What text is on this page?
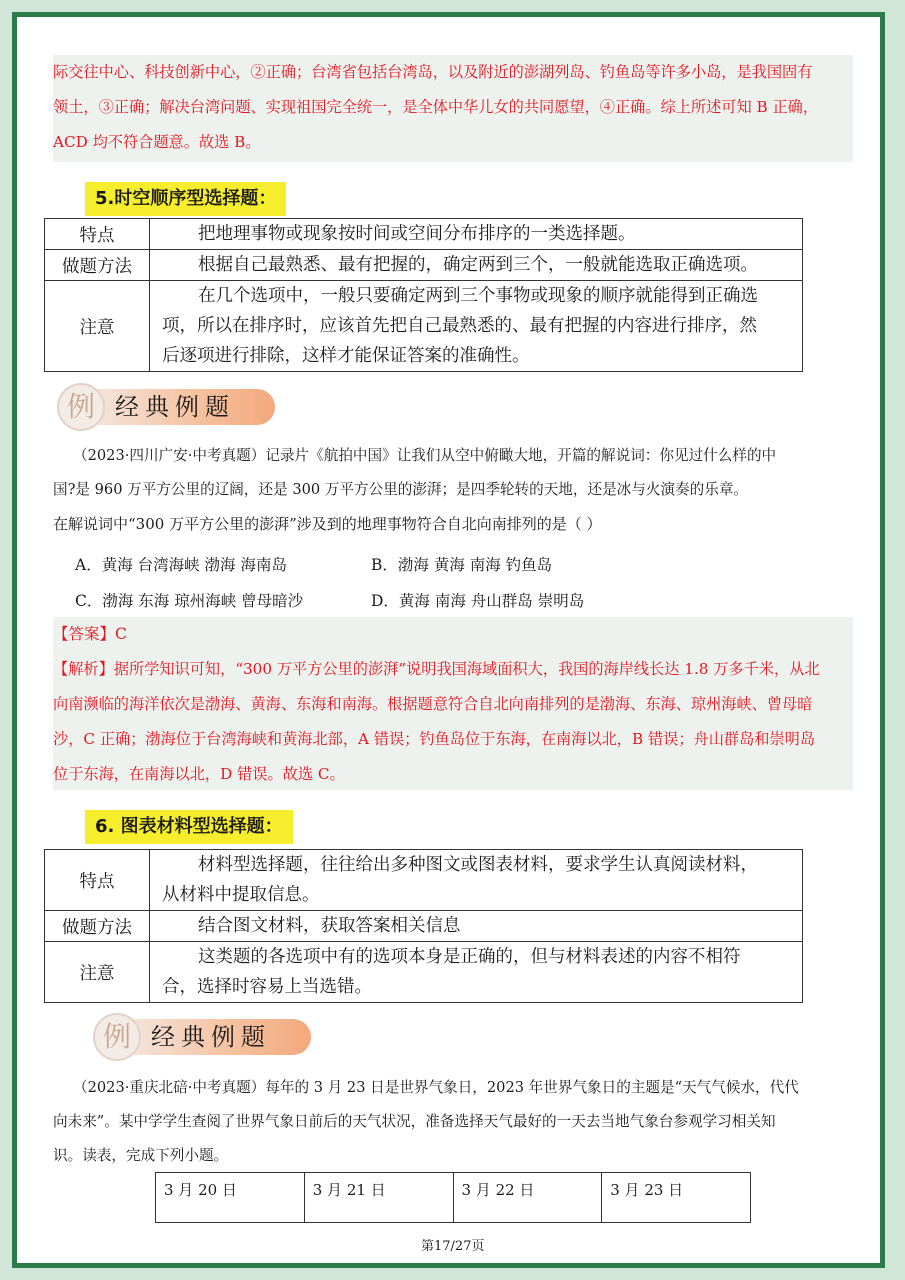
际交往中心、科技创新中心，②正确；台湾省包括台湾岛，以及附近的澎湖列岛、钓鱼岛等许多小岛，是我国固有

领土，③正确；解决台湾问题、实现祖国完全统一，是全体中华儿女的共同愿望，④正确。综上所述可知 B 正确，

ACD 均不符合题意。故选 B。

5.时空顺序型选择题：
特点	把地理事物或现象按时间或空间分布排序的一类选择题。
做题方法	根据自己最熟悉、最有把握的，确定两到三个，一般就能选取正确选项。
注意	在几个选项中，一般只要确定两到三个事物或现象的顺序就能得到正确选
项，所以在排序时，应该首先把自己最熟悉的、最有把握的内容进行排序，然
后逐项进行排除，这样才能保证答案的准确性。
例 经典例题
（2023·四川广安·中考真题）记录片《航拍中国》让我们从空中俯瞰大地，开篇的解说词：你见过什么样的中
国?是 960 万平方公里的辽阔，还是 300 万平方公里的澎湃；是四季轮转的天地，还是冰与火演奏的乐章。
在解说词中“300 万平方公里的澎湃”涉及到的地理事物符合自北向南排列的是（ ）
A．黄海 台湾海峡 渤海 海南岛	B．渤海 黄海 南海 钓鱼岛
C．渤海 东海 琼州海峡 曾母暗沙	D．黄海 南海 舟山群岛 崇明岛

【答案】C

【解析】据所学知识可知，“300 万平方公里的澎湃”说明我国海域面积大，我国的海岸线长达 1.8 万多千米，从北

向南濒临的海洋依次是渤海、黄海、东海和南海。根据题意符合自北向南排列的是渤海、东海、琼州海峡、曾母暗

沙，C 正确；渤海位于台湾海峡和黄海北部，A 错误；钓鱼岛位于东海，在南海以北，B 错误；舟山群岛和崇明岛

位于东海，在南海以北，D 错误。故选 C。

6. 图表材料型选择题：
特点	材料型选择题，往往给出多种图文或图表材料，要求学生认真阅读材料，
从材料中提取信息。

做题方法	结合图文材料，获取答案相关信息
注意	这类题的各选项中有的选项本身是正确的，但与材料表述的内容不相符
合，选择时容易上当选错。
例 经典例题
（2023·重庆北碚·中考真题）每年的 3 月 23 日是世界气象日，2023 年世界气象日的主题是“天气气候水，代代
向未来”。某中学学生查阅了世界气象日前后的天气状况，准备选择天气最好的一天去当地气象台参观学习相关知
识。读表，完成下列小题。
3 月 20 日	3 月 21 日	3 月 22 日	3 月 23 日
第17/27页
